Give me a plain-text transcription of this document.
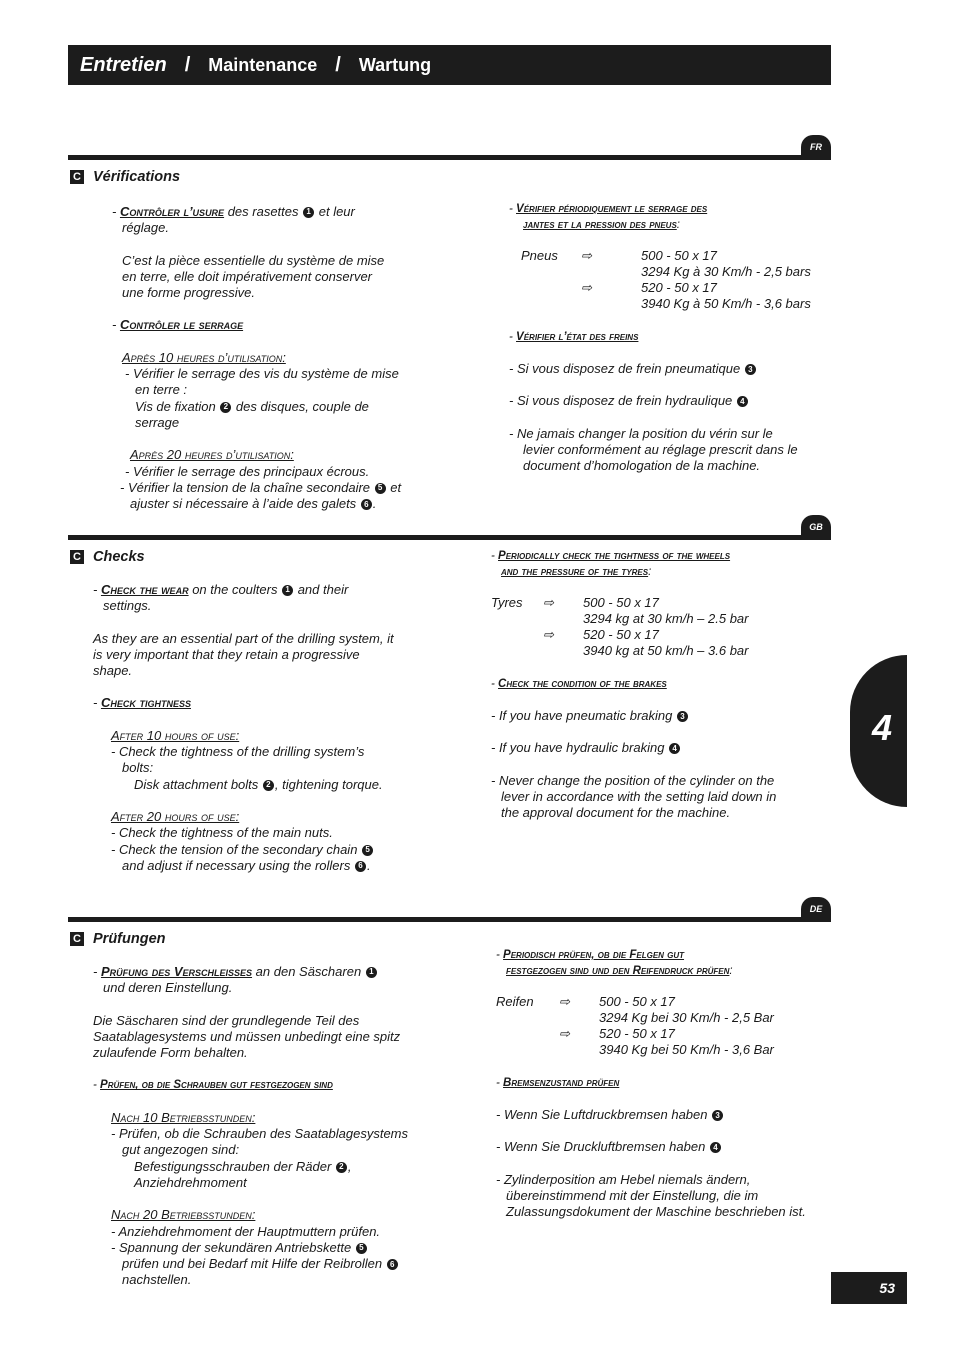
Entretien / Maintenance / Wartung
FR
C Vérifications

- Contrôler l’usure des rasettes 1 et leur

réglage.

C’est la pièce essentielle du système de mise

en terre, elle doit impérativement conserver

une forme progressive.

- Contrôler le serrage

Après 10 heures d’utilisation:

- Vérifier le serrage des vis du système de mise

en terre :

Vis de fixation 2 des disques, couple de

serrage

Après 20 heures d’utilisation:

- Vérifier le serrage des principaux écrous.

- Vérifier la tension de la chaîne secondaire 5 et

ajuster si nécessaire à l’aide des galets 6 .

- Vérifier périodiquement le serrage des

jantes et la pression des pneus:

Pneus ⇨	500 - 50 x 17

3294 Kg à 30 Km/h - 2,5 bars

⇨	520 - 50 x 17

3940 Kg à 50 Km/h - 3,6 bars

- Vérifier l’état des freins

- Si vous disposez de frein pneumatique 3

- Si vous disposez de frein hydraulique 4

- Ne jamais changer la position du vérin sur le

levier conformément au réglage prescrit dans le

document d’homologation de la machine.

GB
C Checks

- Check the wear on the coulters 1 and their

settings.

As they are an essential part of the drilling system, it

is very important that they retain a progressive

shape.

- Check tightness

After 10 hours of use:

- Check the tightness of the drilling system’s

bolts:

Disk attachment bolts 2 , tightening torque.

After 20 hours of use:

- Check the tightness of the main nuts.

- Check the tension of the secondary chain 5

and adjust if necessary using the rollers 6 .

- Periodically check the tightness of the wheels

and the pressure of the tyres:

Tyres ⇨ 500 - 50 x 17

3294 kg at 30 km/h – 2.5 bar

⇨ 520 - 50 x 17

3940 kg at 50 km/h – 3.6 bar

- Check the condition of the brakes

- If you have pneumatic braking 3

- If you have hydraulic braking 4

- Never change the position of the cylinder on the

lever in accordance with the setting laid down in

the approval document for the machine.

4
DE
C Prüfungen

- Prüfung des Verschleisses an den Säscharen 1

und deren Einstellung.

Die Säscharen sind der grundlegende Teil des

Saatablagesystems und müssen unbedingt eine spitz

zulaufende Form behalten.

- Prüfen, ob die Schrauben gut festgezogen sind

Nach 10 Betriebsstunden:

- Prüfen, ob die Schrauben des Saatablagesystems

gut angezogen sind:

Befestigungsschrauben der Räder 2 ,

Anziehdrehmoment

Nach 20 Betriebsstunden:

- Anziehdrehmoment der Hauptmuttern prüfen.

- Spannung der sekundären Antriebskette 5

prüfen und bei Bedarf mit Hilfe der Reibrollen 6

nachstellen.

- Periodisch prüfen, ob die Felgen gut

festgezogen sind und den Reifendruck prüfen:

Reifen ⇨ 500 - 50 x 17

3294 Kg bei 30 Km/h - 2,5 Bar

⇨ 520 - 50 x 17

3940 Kg bei 50 Km/h - 3,6 Bar

- Bremsenzustand prüfen

- Wenn Sie Luftdruckbremsen haben 3

- Wenn Sie Druckluftbremsen haben 4

- Zylinderposition am Hebel niemals ändern,

übereinstimmend mit der Einstellung, die im

Zulassungsdokument der Maschine beschrieben ist.

53
